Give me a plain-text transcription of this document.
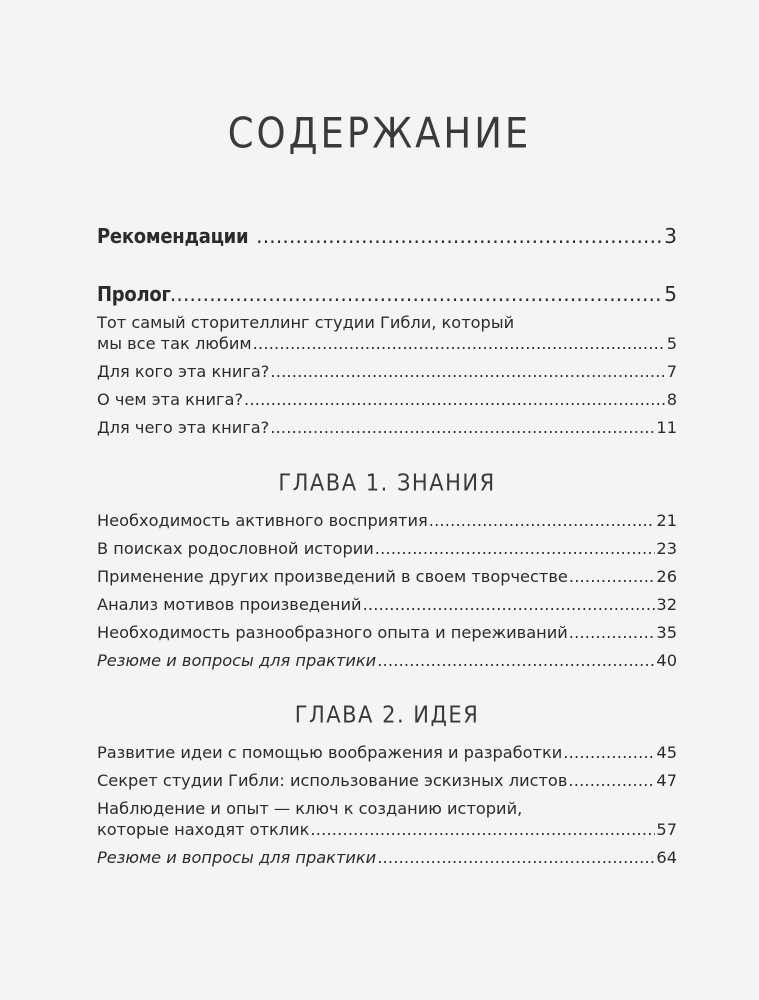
СОДЕРЖАНИЕ
Рекомендации .....	3
Пролог .....	5
Тот самый сторителлинг студии Гибли, который
мы все так любим .....	5
Для кого эта книга? .....	7
О чем эта книга? .....	8
Для чего эта книга? .....	11
ГЛАВА 1. ЗНАНИЯ
Необходимость активного восприятия .....	21
В поисках родословной истории .....	23
Применение других произведений в своем творчестве .....	26
Анализ мотивов произведений .....	32
Необходимость разнообразного опыта и переживаний .....	35
Резюме и вопросы для практики .....	40
ГЛАВА 2. ИДЕЯ
Развитие идеи с помощью воображения и разработки .....	45
Секрет студии Гибли: использование эскизных листов .....	47
Наблюдение и опыт — ключ к созданию историй,
которые находят отклик .....	57
Резюме и вопросы для практики .....	64
